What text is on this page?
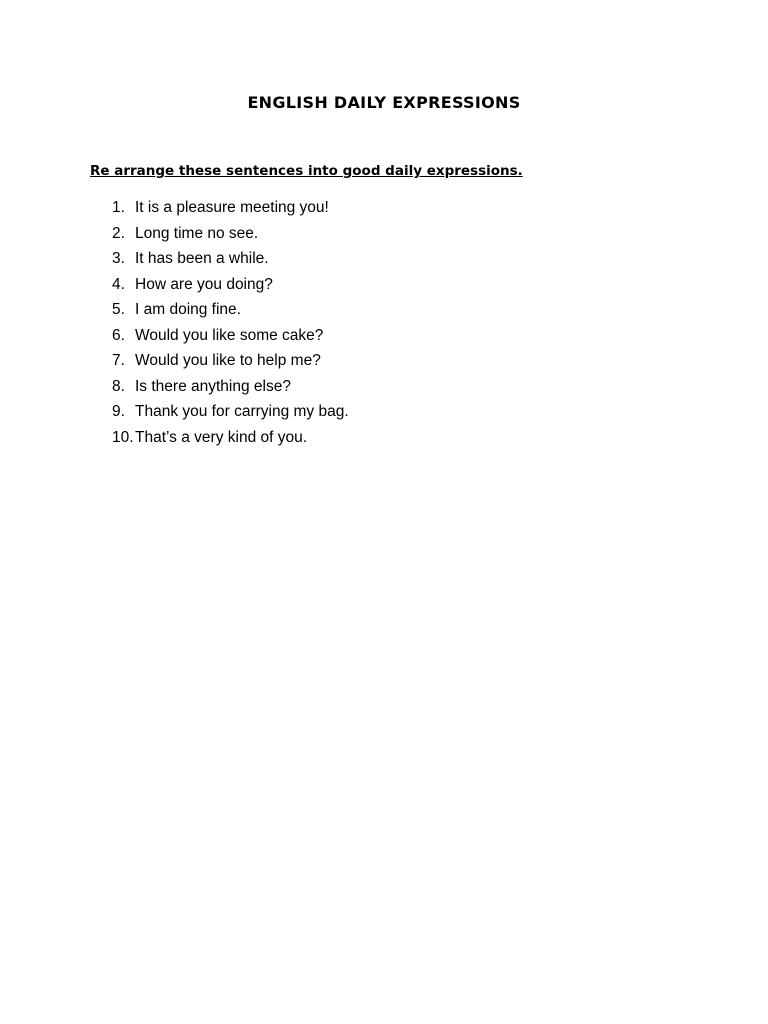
ENGLISH DAILY EXPRESSIONS
Re arrange these sentences into good daily expressions.
1. It is a pleasure meeting you!
2. Long time no see.
3. It has been a while.
4. How are you doing?
5. I am doing fine.
6. Would you like some cake?
7. Would you like to help me?
8. Is there anything else?
9. Thank you for carrying my bag.
10. That’s a very kind of you.
